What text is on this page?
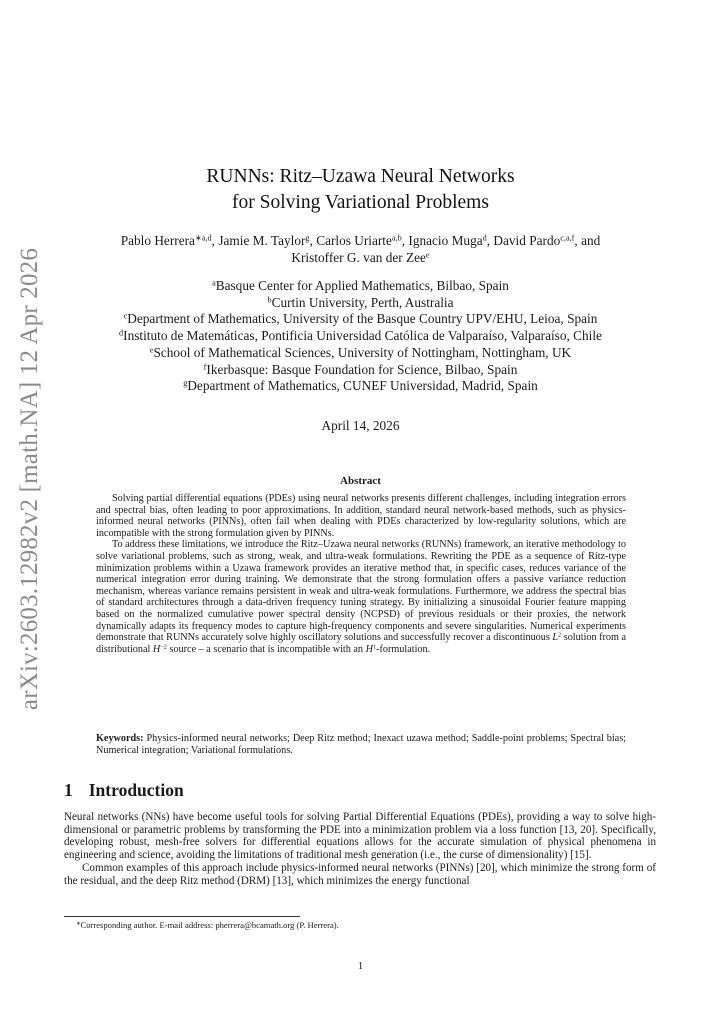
arXiv:2603.12982v2 [math.NA] 12 Apr 2026
RUNNs: Ritz–Uzawa Neural Networks
for Solving Variational Problems
Pablo Herrera$^{∗a,d}$, Jamie M. Taylor$^g$, Carlos Uriarte$^{a,b}$, Ignacio Muga$^d$, David Pardo$^{c,a,f}$, and
Kristoffer G. van der Zee$^e$
$^a$Basque Center for Applied Mathematics, Bilbao, Spain
$^b$Curtin University, Perth, Australia
$^c$Department of Mathematics, University of the Basque Country UPV/EHU, Leioa, Spain
$^d$Instituto de Matemáticas, Pontificia Universidad Católica de Valparaíso, Valparaíso, Chile
$^e$School of Mathematical Sciences, University of Nottingham, Nottingham, UK
$^f$Ikerbasque: Basque Foundation for Science, Bilbao, Spain
$^g$Department of Mathematics, CUNEF Universidad, Madrid, Spain
April 14, 2026
Abstract

Solving partial differential equations (PDEs) using neural networks presents different challenges, including integration errors and spectral bias, often leading to poor approximations. In addition, standard neural network-based methods, such as physics-informed neural networks (PINNs), often fail when dealing with PDEs characterized by low-regularity solutions, which are incompatible with the strong formulation given by PINNs.

To address these limitations, we introduce the Ritz–Uzawa neural networks (RUNNs) framework, an iterative methodology to solve variational problems, such as strong, weak, and ultra-weak formulations. Rewriting the PDE as a sequence of Ritz-type minimization problems within a Uzawa framework provides an iterative method that, in specific cases, reduces variance of the numerical integration error during training. We demonstrate that the strong formulation offers a passive variance reduction mechanism, whereas variance remains persistent in weak and ultra-weak formulations. Furthermore, we address the spectral bias of standard architectures through a data-driven frequency tuning strategy. By initializing a sinusoidal Fourier feature mapping based on the normalized cumulative power spectral density (NCPSD) of previous residuals or their proxies, the network dynamically adapts its frequency modes to capture high-frequency components and severe singularities. Numerical experiments demonstrate that RUNNs accurately solve highly oscillatory solutions and successfully recover a discontinuous $L^2$ solution from a distributional $H^{-2}$ source – a scenario that is incompatible with an $H^1$-formulation.

Keywords: Physics-informed neural networks; Deep Ritz method; Inexact uzawa method; Saddle-point problems; Spectral bias; Numerical integration; Variational formulations.
1 Introduction

Neural networks (NNs) have become useful tools for solving Partial Differential Equations (PDEs), providing a way to solve high-dimensional or parametric problems by transforming the PDE into a minimization problem via a loss function [13, 20]. Specifically, developing robust, mesh-free solvers for differential equations allows for the accurate simulation of physical phenomena in engineering and science, avoiding the limitations of traditional mesh generation (i.e., the curse of dimensionality) [15].

Common examples of this approach include physics-informed neural networks (PINNs) [20], which minimize the strong form of the residual, and the deep Ritz method (DRM) [13], which minimizes the energy functional

∗Corresponding author. E-mail address: pherrera@bcamath.org (P. Herrera).
1
